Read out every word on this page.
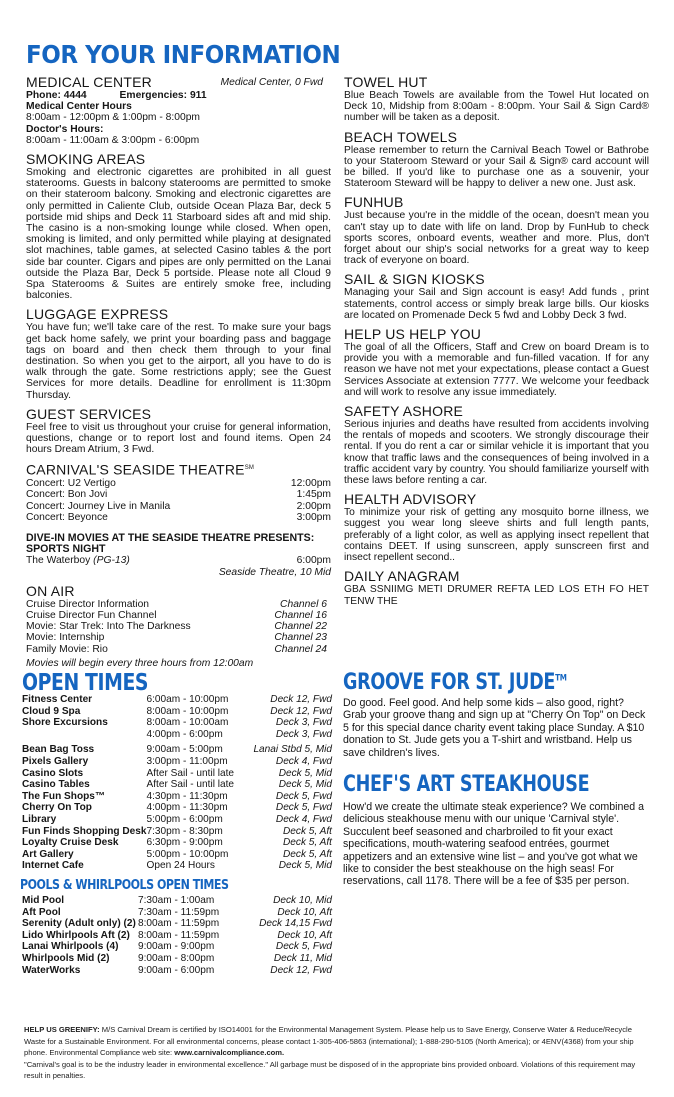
FOR YOUR INFORMATION
MEDICAL CENTER	Medical Center, 0 Fwd
Phone: 4444	Emergencies: 911
Medical Center Hours
8:00am - 12:00pm & 1:00pm - 8:00pm
Doctor's Hours:
8:00am - 11:00am & 3:00pm - 6:00pm
SMOKING AREAS

Smoking and electronic cigarettes are prohibited in all guest staterooms. Guests in balcony staterooms are permitted to smoke on their stateroom balcony. Smoking and electronic cigarettes are only permitted in Caliente Club, outside Ocean Plaza Bar, deck 5 portside mid ships and Deck 11 Starboard sides aft and mid ship. The casino is a non-smoking lounge while closed. When open, smoking is limited, and only permitted while playing at designated slot machines, table games, at selected Casino tables & the port side bar counter. Cigars and pipes are only permitted on the Lanai outside the Plaza Bar, Deck 5 portside. Please note all Cloud 9 Spa Staterooms & Suites are entirely smoke free, including balconies.

LUGGAGE EXPRESS

You have fun; we'll take care of the rest. To make sure your bags get back home safely, we print your boarding pass and baggage tags on board and then check them through to your final destination. So when you get to the airport, all you have to do is walk through the gate. Some restrictions apply; see the Guest Services for more details. Deadline for enrollment is 11:30pm Thursday.

GUEST SERVICES

Feel free to visit us throughout your cruise for general information, questions, change or to report lost and found items. Open 24 hours Dream Atrium, 3 Fwd.

CARNIVAL'S SEASIDE THEATRE℠
Concert: U2 Vertigo	12:00pm
Concert: Bon Jovi	1:45pm
Concert: Journey Live in Manila	2:00pm
Concert: Beyonce	3:00pm
DIVE-IN MOVIES AT THE SEASIDE THEATRE PRESENTS:
SPORTS NIGHT
The Waterboy (PG-13)	6:00pm
Seaside Theatre, 10 Mid
ON AIR
Cruise Director Information	Channel 6
Cruise Director Fun Channel	Channel 16
Movie: Star Trek: Into The Darkness	Channel 22
Movie: Internship	Channel 23
Family Movie: Rio	Channel 24
Movies will begin every three hours from 12:00am
TOWEL HUT

Blue Beach Towels are available from the Towel Hut located on Deck 10, Midship from 8:00am - 8:00pm. Your Sail & Sign Card® number will be taken as a deposit.

BEACH TOWELS

Please remember to return the Carnival Beach Towel or Bathrobe to your Stateroom Steward or your Sail & Sign® card account will be billed. If you'd like to purchase one as a souvenir, your Stateroom Steward will be happy to deliver a new one. Just ask.

FUNHUB

Just because you're in the middle of the ocean, doesn't mean you can't stay up to date with life on land. Drop by FunHub to check sports scores, onboard events, weather and more. Plus, don't forget about our ship's social networks for a great way to keep track of everyone on board.

SAIL & SIGN KIOSKS

Managing your Sail and Sign account is easy! Add funds , print statements, control access or simply break large bills. Our kiosks are located on Promenade Deck 5 fwd and Lobby Deck 3 fwd.

HELP US HELP YOU

The goal of all the Officers, Staff and Crew on board Dream is to provide you with a memorable and fun-filled vacation. If for any reason we have not met your expectations, please contact a Guest Services Associate at extension 7777. We welcome your feedback and will work to resolve any issue immediately.

SAFETY ASHORE

Serious injuries and deaths have resulted from accidents involving the rentals of mopeds and scooters. We strongly discourage their rental. If you do rent a car or similar vehicle it is important that you know that traffic laws and the consequences of being involved in a traffic accident vary by country. You should familiarize yourself with these laws before renting a car.

HEALTH ADVISORY

To minimize your risk of getting any mosquito borne illness, we suggest you wear long sleeve shirts and full length pants, preferably of a light color, as well as applying insect repellent that contains DEET. If using sunscreen, apply sunscreen first and insect repellent second..

DAILY ANAGRAM

GBA SSNIIMG METI DRUMER REFTA LED LOS ETH FO HET TENW THE

OPEN TIMES
Fitness Center	6:00am - 10:00pm	Deck 12, Fwd
Cloud 9 Spa	8:00am - 10:00pm	Deck 12, Fwd
Shore Excursions	8:00am - 10:00am	Deck 3, Fwd
	4:00pm - 6:00pm	Deck 3, Fwd
Bean Bag Toss	9:00am - 5:00pm	Lanai Stbd 5, Mid
Pixels Gallery	3:00pm - 11:00pm	Deck 4, Fwd
Casino Slots	After Sail - until late	Deck 5, Mid
Casino Tables	After Sail - until late	Deck 5, Mid
The Fun Shops™	4:30pm - 11:30pm	Deck 5, Fwd
Cherry On Top	4:00pm - 11:30pm	Deck 5, Fwd
Library	5:00pm - 6:00pm	Deck 4, Fwd
Fun Finds Shopping Desk	7:30pm - 8:30pm	Deck 5, Aft
Loyalty Cruise Desk	6:30pm - 9:00pm	Deck 5, Aft
Art Gallery	5:00pm - 10:00pm	Deck 5, Aft
Internet Cafe	Open 24 Hours	Deck 5, Mid
POOLS & WHIRLPOOLS OPEN TIMES
Mid Pool	7:30am - 1:00am	Deck 10, Mid
Aft Pool	7:30am - 11:59pm	Deck 10, Aft
Serenity (Adult only) (2)	8:00am - 11:59pm	Deck 14,15 Fwd
Lido Whirlpools Aft (2)	8:00am - 11:59pm	Deck 10, Aft
Lanai Whirlpools (4)	9:00am - 9:00pm	Deck 5, Fwd
Whirlpools Mid (2)	9:00am - 8:00pm	Deck 11, Mid
WaterWorks	9:00am - 6:00pm	Deck 12, Fwd
GROOVE FOR ST. JUDE™

Do good. Feel good. And help some kids – also good, right? Grab your groove thang and sign up at "Cherry On Top" on Deck 5 for this special dance charity event taking place Sunday. A $10 donation to St. Jude gets you a T-shirt and wristband. Help us save children's lives.

CHEF'S ART STEAKHOUSE

How'd we create the ultimate steak experience? We combined a delicious steakhouse menu with our unique 'Carnival style'. Succulent beef seasoned and charbroiled to fit your exact specifications, mouth-watering seafood entrées, gourmet appetizers and an extensive wine list – and you've got what we like to consider the best steakhouse on the high seas! For reservations, call 1178. There will be a fee of $35 per person.

HELP US GREENIFY: M/S Carnival Dream is certified by ISO14001 for the Environmental Management System. Please help us to Save Energy, Conserve Water & Reduce/Recycle Waste for a Sustainable Environment. For all environmental concerns, please contact 1-305-406-5863 (international); 1-888-290-5105 (North America); or 4ENV(4368) from your ship phone. Environmental Compliance web site: www.carnivalcompliance.com.
"Carnival's goal is to be the industry leader in environmental excellence." All garbage must be disposed of in the appropriate bins provided onboard. Violations of this requirement may result in penalties.
